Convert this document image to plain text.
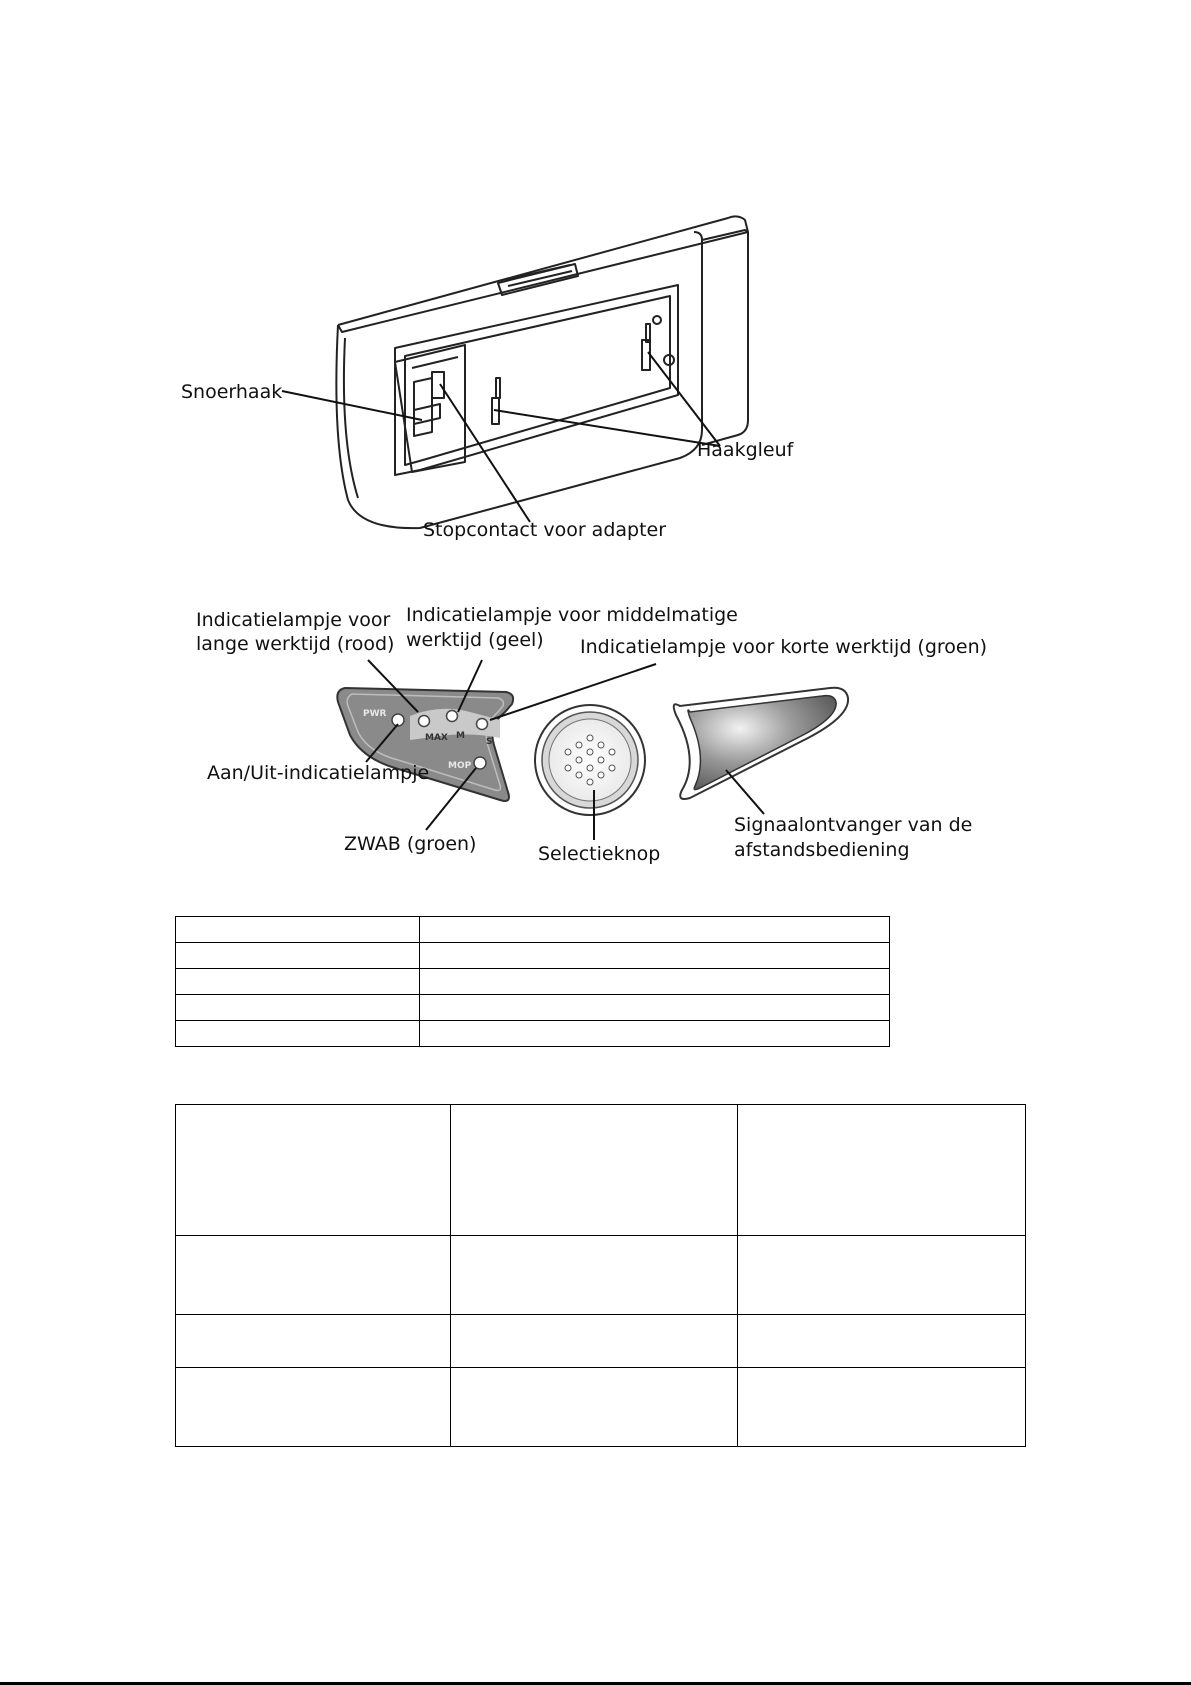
Snoerhaak

Haakgleuf

Stopcontact voor adapter

PWR
MAX M
S
MOP

Indicatielampje voor

lange werktijd (rood)

Indicatielampje voor middelmatige

werktijd (geel) Indicatielampje voor korte werktijd (groen)

Aan/Uit-indicatielampje

ZWAB (groen)	Selectieknop

Signaalontvanger van de

afstandsbediening
